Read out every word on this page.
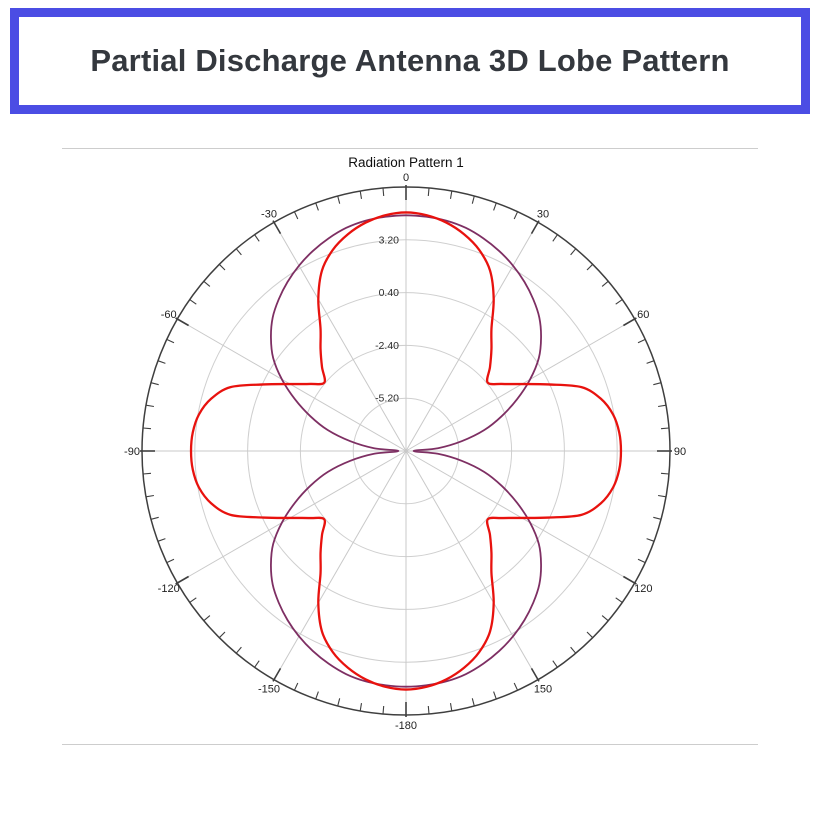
Partial Discharge Antenna 3D Lobe Pattern
Radiation Pattern 1
3.20
0.40
-2.40
-5.20
0
30
60
90
120
150
-180
-150
-120
-90
-60
-30
